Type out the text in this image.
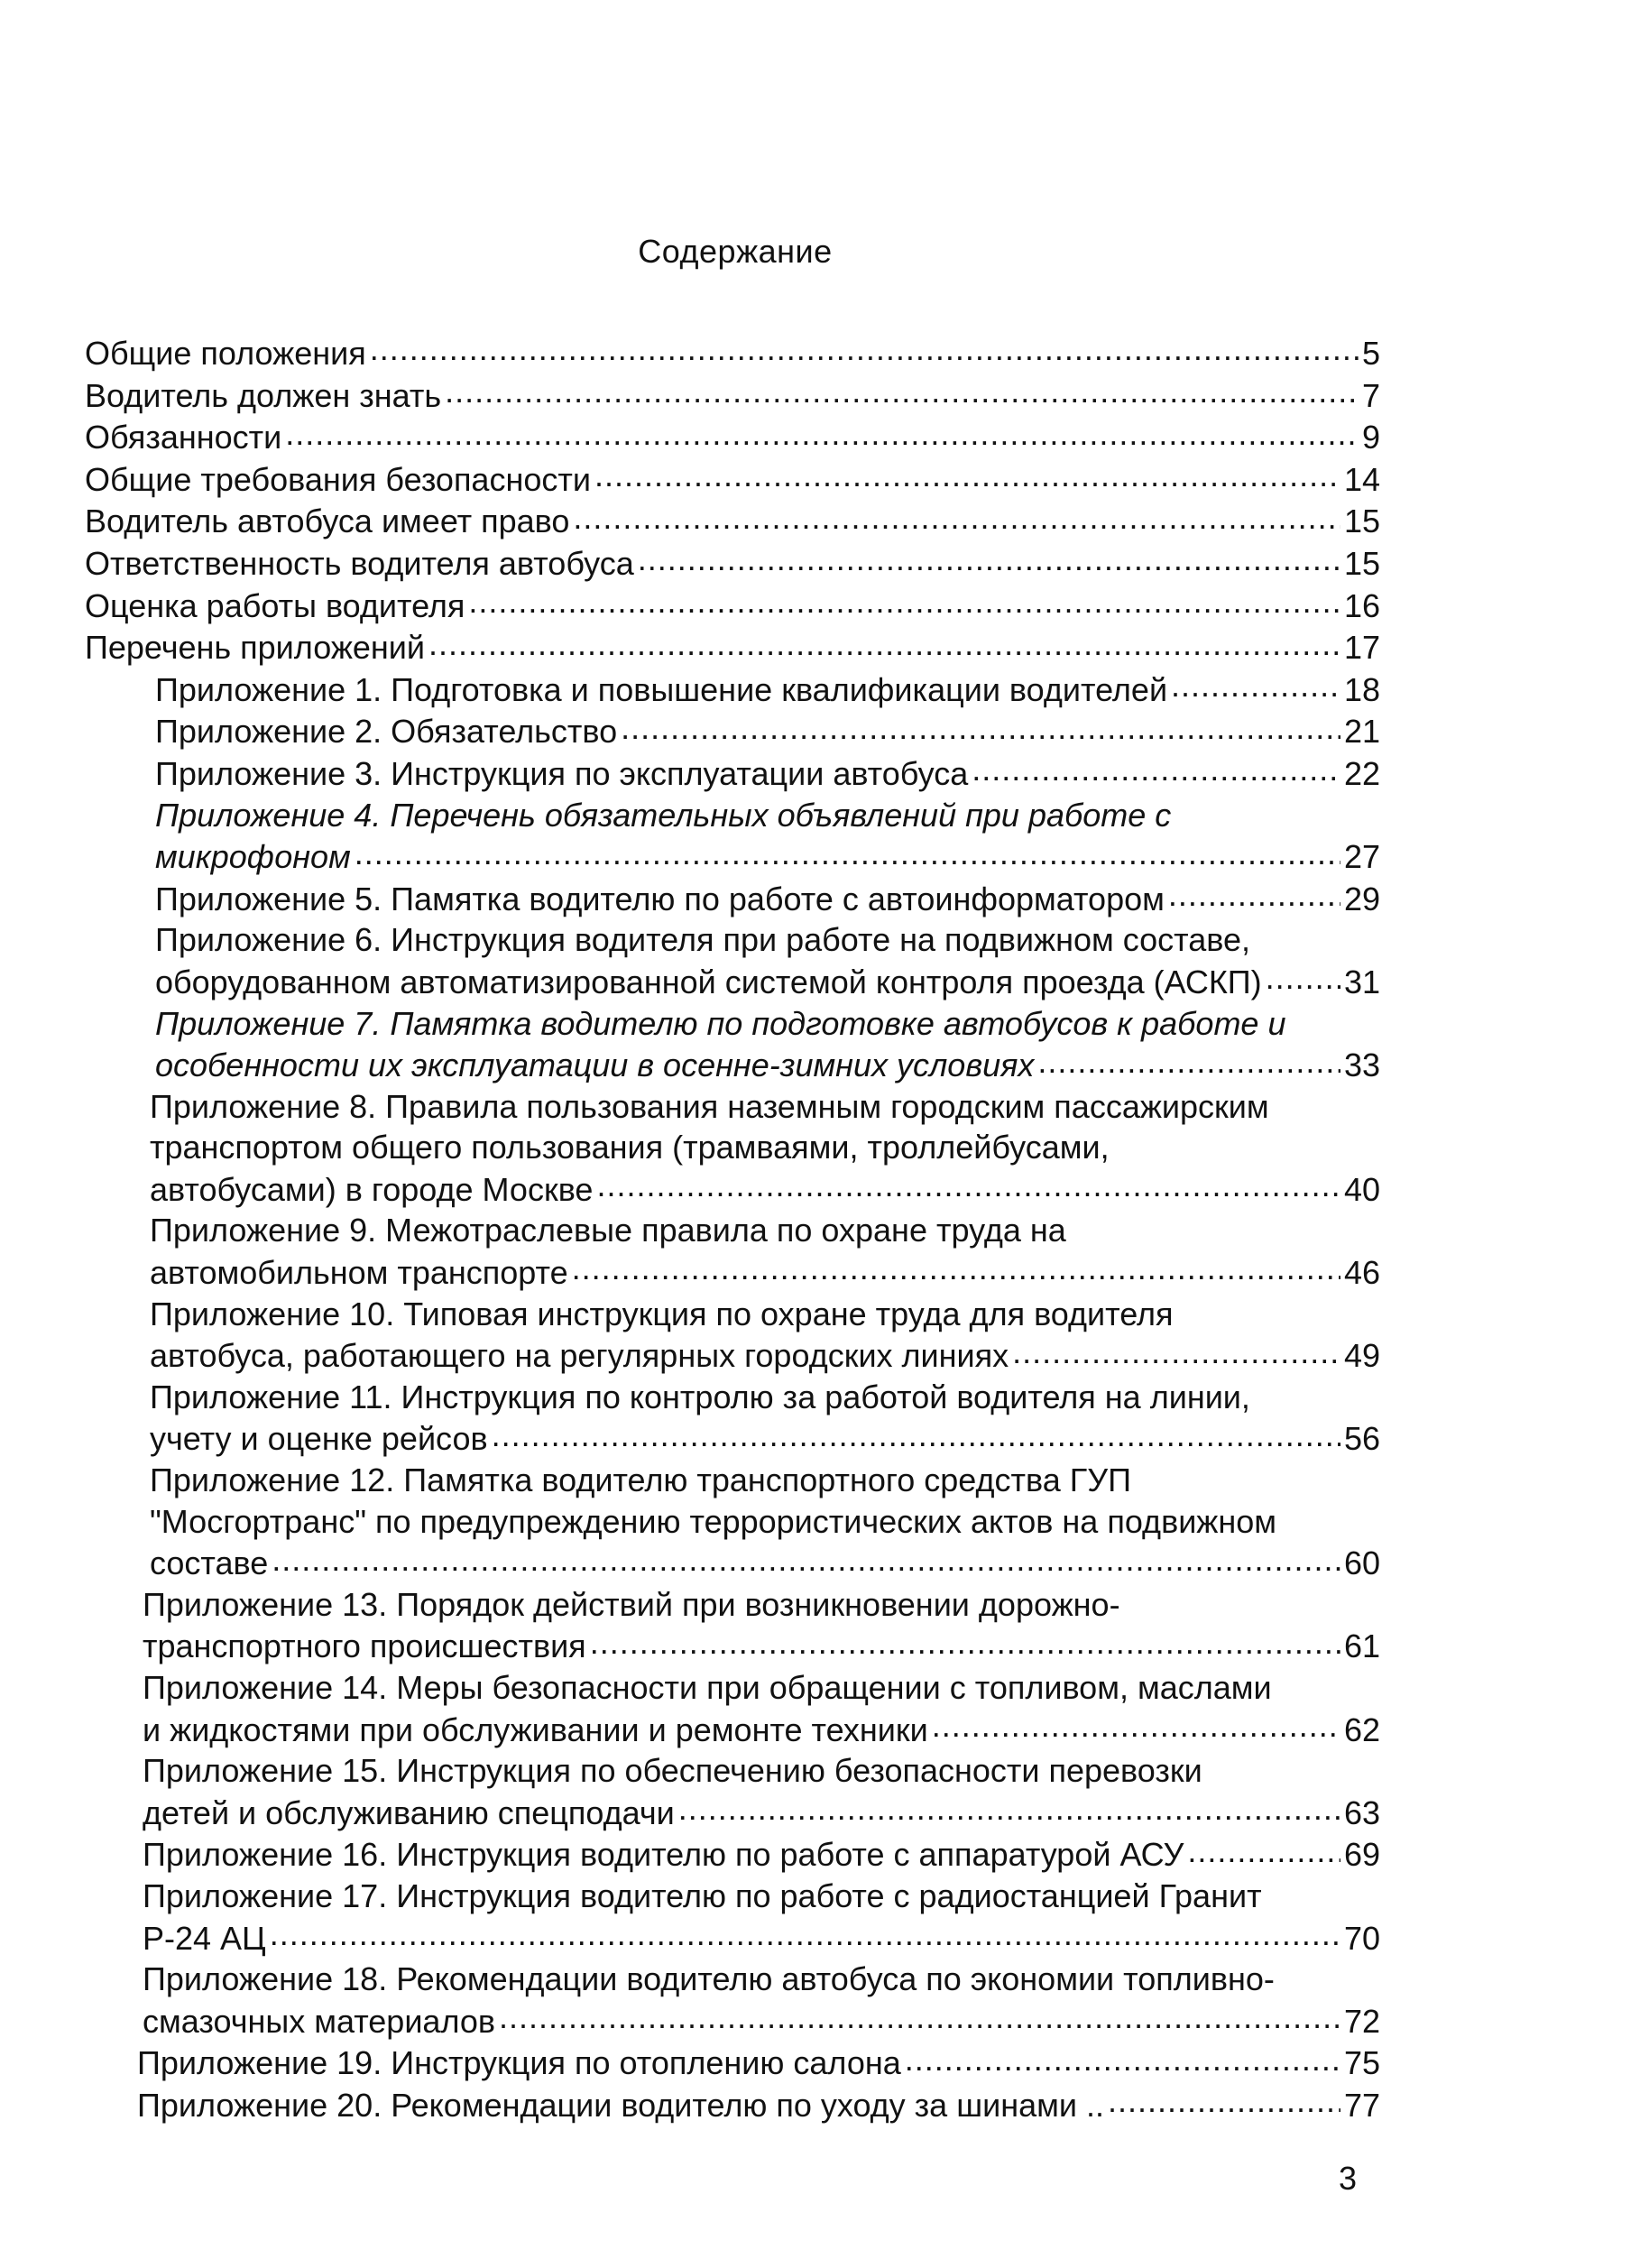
Содержание
Общие положения .....	5
Водитель должен знать .....	7
Обязанности .....	9
Общие требования безопасности .....	14
Водитель автобуса имеет право .....	15
Ответственность водителя автобуса .....	15
Оценка работы водителя .....	16
Перечень приложений .....	17
Приложение 1. Подготовка и повышение квалификации водителей .....	18
Приложение 2. Обязательство .....	21
Приложение 3. Инструкция по эксплуатации автобуса .....	22
Приложение 4. Перечень обязательных объявлений при работе с
микрофоном .....	27
Приложение 5. Памятка водителю по работе с автоинформатором .....	29
Приложение 6. Инструкция водителя при работе на подвижном составе,
оборудованном автоматизированной системой контроля проезда (АСКП) .....	31
Приложение 7. Памятка водителю по подготовке автобусов к работе и
особенности их эксплуатации в осенне-зимних условиях .....	33
Приложение 8. Правила пользования наземным городским пассажирским
транспортом общего пользования (трамваями, троллейбусами,
автобусами) в городе Москве .....	40
Приложение 9. Межотраслевые правила по охране труда на
автомобильном транспорте .....	46
Приложение 10. Типовая инструкция по охране труда для водителя
автобуса, работающего на регулярных городских линиях .....	49
Приложение 11. Инструкция по контролю за работой водителя на линии,
учету и оценке рейсов .....	56
Приложение 12. Памятка водителю транспортного средства ГУП
"Мосгортранс" по предупреждению террористических актов на подвижном
составе .....	60
Приложение 13. Порядок действий при возникновении дорожно-
транспортного происшествия .....	61
Приложение 14. Меры безопасности при обращении с топливом, маслами
и жидкостями при обслуживании и ремонте техники .....	62
Приложение 15. Инструкция по обеспечению безопасности перевозки
детей и обслуживанию спецподачи .....	63
Приложение 16. Инструкция водителю по работе с аппаратурой АСУ .....	69
Приложение 17. Инструкция водителю по работе с радиостанцией Гранит
Р-24 АЦ .....	70
Приложение 18. Рекомендации водителю автобуса по экономии топливно-
смазочных материалов .....	72
Приложение 19. Инструкция по отоплению салона .....	75
Приложение 20. Рекомендации водителю по уходу за шинами .. .....	77
3
